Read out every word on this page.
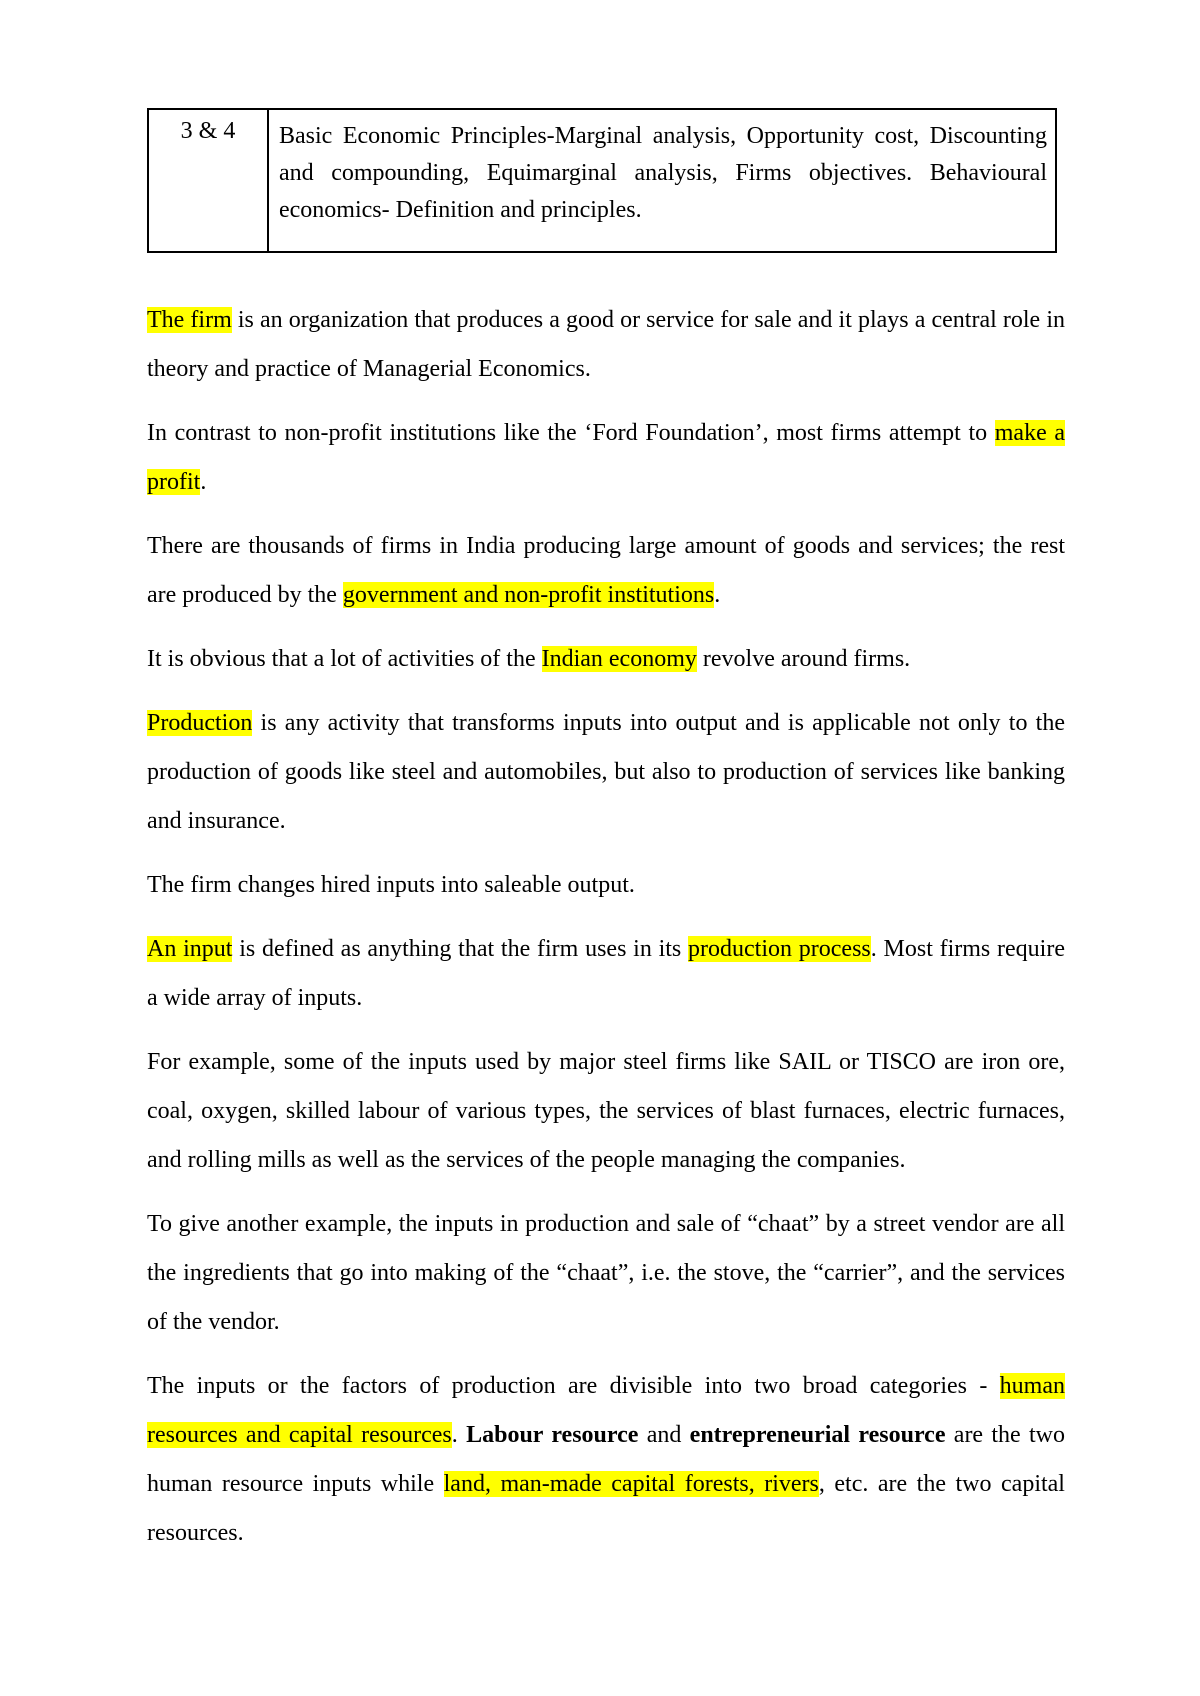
3 & 4	Basic Economic Principles-Marginal analysis, Opportunity cost, Discounting and compounding, Equimarginal analysis, Firms objectives. Behavioural economics- Definition and principles.

The firm is an organization that produces a good or service for sale and it plays a central role in theory and practice of Managerial Economics.

In contrast to non-profit institutions like the ‘Ford Foundation’, most firms attempt to make a profit.

There are thousands of firms in India producing large amount of goods and services; the rest are produced by the government and non-profit institutions.

It is obvious that a lot of activities of the Indian economy revolve around firms.

Production is any activity that transforms inputs into output and is applicable not only to the production of goods like steel and automobiles, but also to production of services like banking and insurance.

The firm changes hired inputs into saleable output.

An input is defined as anything that the firm uses in its production process. Most firms require a wide array of inputs.

For example, some of the inputs used by major steel firms like SAIL or TISCO are iron ore, coal, oxygen, skilled labour of various types, the services of blast furnaces, electric furnaces, and rolling mills as well as the services of the people managing the companies.

To give another example, the inputs in production and sale of “chaat” by a street vendor are all the ingredients that go into making of the “chaat”, i.e. the stove, the “carrier”, and the services of the vendor.

The inputs or the factors of production are divisible into two broad categories - human resources and capital resources. Labour resource and entrepreneurial resource are the two human resource inputs while land, man-made capital forests, rivers, etc. are the two capital resources.
